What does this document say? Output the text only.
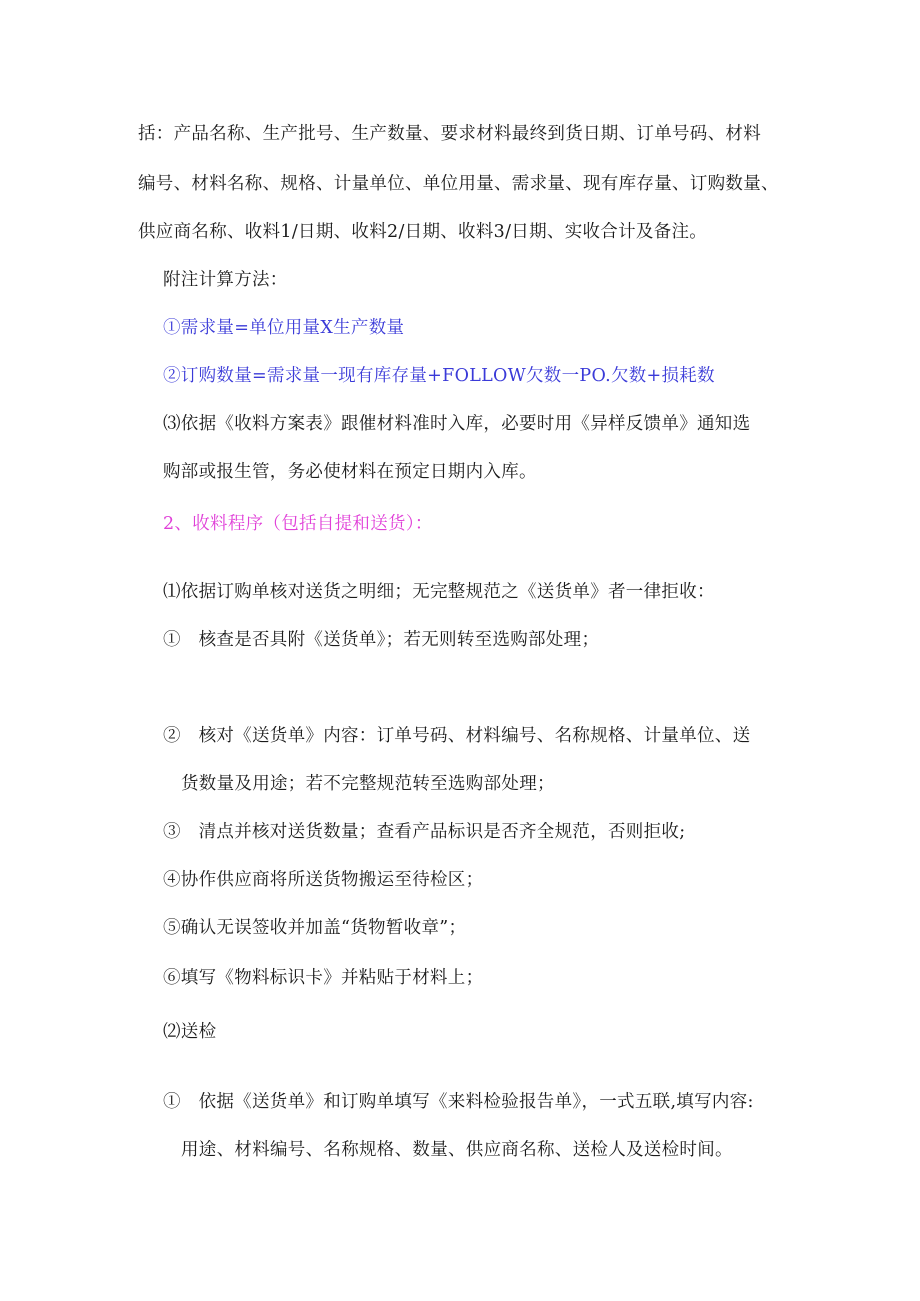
括：产品名称、生产批号、生产数量、要求材料最终到货日期、订单号码、材料
编号、材料名称、规格、计量单位、单位用量、需求量、现有库存量、订购数量、
供应商名称、收料1/日期、收料2/日期、收料3/日期、实收合计及备注。
附注计算方法：
①需求量=单位用量X生产数量
②订购数量=需求量一现有库存量+FOLLOW欠数一PO.欠数+损耗数
⑶依据《收料方案表》跟催材料准时入库，必要时用《异样反馈单》通知选
购部或报生管，务必使材料在预定日期内入库。
2、收料程序（包括自提和送货）：
⑴依据订购单核对送货之明细；无完整规范之《送货单》者一律拒收：
①　核查是否具附《送货单》；若无则转至选购部处理；
②　核对《送货单》内容：订单号码、材料编号、名称规格、计量单位、送
货数量及用途；若不完整规范转至选购部处理；
③　清点并核对送货数量；查看产品标识是否齐全规范，否则拒收;
④协作供应商将所送货物搬运至待检区；
⑤确认无误签收并加盖“货物暂收章”；
⑥填写《物料标识卡》并粘贴于材料上；
⑵送检
①　依据《送货单》和订购单填写《来料检验报告单》，一式五联,填写内容:
用途、材料编号、名称规格、数量、供应商名称、送检人及送检时间。
